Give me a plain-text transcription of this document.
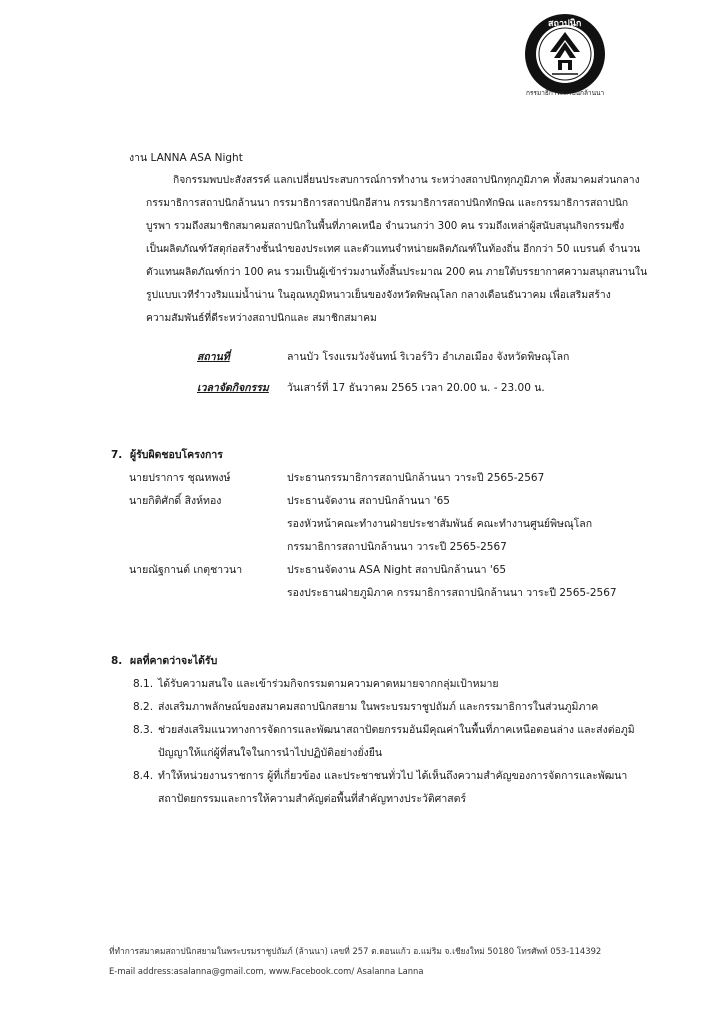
สถาปนิก
กรรมาธิการสถาปนิกล้านนา
งาน LANNA ASA Night
กิจกรรมพบปะสังสรรค์ แลกเปลี่ยนประสบการณ์การทำงาน ระหว่างสถาปนิกทุกภูมิภาค ทั้งสมาคมส่วนกลาง
กรรมาธิการสถาปนิกล้านนา กรรมาธิการสถาปนิกอีสาน กรรมาธิการสถาปนิกทักษิณ และกรรมาธิการสถาปนิก
บูรพา รวมถึงสมาชิกสมาคมสถาปนิกในพื้นที่ภาคเหนือ จำนวนกว่า 300 คน รวมถึงเหล่าผู้สนับสนุนกิจกรรมซึ่ง
เป็นผลิตภัณฑ์วัสดุก่อสร้างชั้นนำของประเทศ และตัวแทนจำหน่ายผลิตภัณฑ์ในท้องถิ่น อีกกว่า 50 แบรนด์ จำนวน
ตัวแทนผลิตภัณฑ์กว่า 100 คน รวมเป็นผู้เข้าร่วมงานทั้งสิ้นประมาณ 200 คน ภายใต้บรรยากาศความสนุกสนานใน
รูปแบบเวทีรำวงริมแม่น้ำน่าน ในอุณหภูมิหนาวเย็นของจังหวัดพิษณุโลก กลางเดือนธันวาคม เพื่อเสริมสร้าง
ความสัมพันธ์ที่ดีระหว่างสถาปนิกและ สมาชิกสมาคม
สถานที่	ลานบัว โรงแรมวังจันทน์ ริเวอร์วิว อำเภอเมือง จังหวัดพิษณุโลก
เวลาจัดกิจกรรม วันเสาร์ที่ 17 ธันวาคม 2565 เวลา 20.00 น. - 23.00 น.
7. ผู้รับผิดชอบโครงการ
นายปราการ ชุณหพงษ์	ประธานกรรมาธิการสถาปนิกล้านนา วาระปี 2565-2567
นายกิติศักดิ์ สิงห์ทอง	ประธานจัดงาน สถาปนิกล้านนา '65
รองหัวหน้าคณะทำงานฝ่ายประชาสัมพันธ์ คณะทำงานศูนย์พิษณุโลก
กรรมาธิการสถาปนิกล้านนา วาระปี 2565-2567
นายณัฐกานต์ เกตุชาวนา	ประธานจัดงาน ASA Night สถาปนิกล้านนา '65
รองประธานฝ่ายภูมิภาค กรรมาธิการสถาปนิกล้านนา วาระปี 2565-2567
8. ผลที่คาดว่าจะได้รับ
8.1. ได้รับความสนใจ และเข้าร่วมกิจกรรมตามความคาดหมายจากกลุ่มเป้าหมาย
8.2. ส่งเสริมภาพลักษณ์ของสมาคมสถาปนิกสยาม ในพระบรมราชูปถัมภ์ และกรรมาธิการในส่วนภูมิภาค
8.3. ช่วยส่งเสริมแนวทางการจัดการและพัฒนาสถาปัตยกรรมอันมีคุณค่าในพื้นที่ภาคเหนือตอนล่าง และส่งต่อภูมิ
ปัญญาให้แก่ผู้ที่สนใจในการนำไปปฏิบัติอย่างยั่งยืน
8.4. ทำให้หน่วยงานราชการ ผู้ที่เกี่ยวข้อง และประชาชนทั่วไป ได้เห็นถึงความสำคัญของการจัดการและพัฒนา
สถาปัตยกรรมและการให้ความสำคัญต่อพื้นที่สำคัญทางประวัติศาสตร์
ที่ทำการสมาคมสถาปนิกสยามในพระบรมราชูปถัมภ์ (ล้านนา) เลขที่ 257 ต.ดอนแก้ว อ.แม่ริม จ.เชียงใหม่ 50180 โทรศัพท์ 053-114392
E-mail address:asalanna@gmail.com, www.Facebook.com/ Asalanna Lanna
